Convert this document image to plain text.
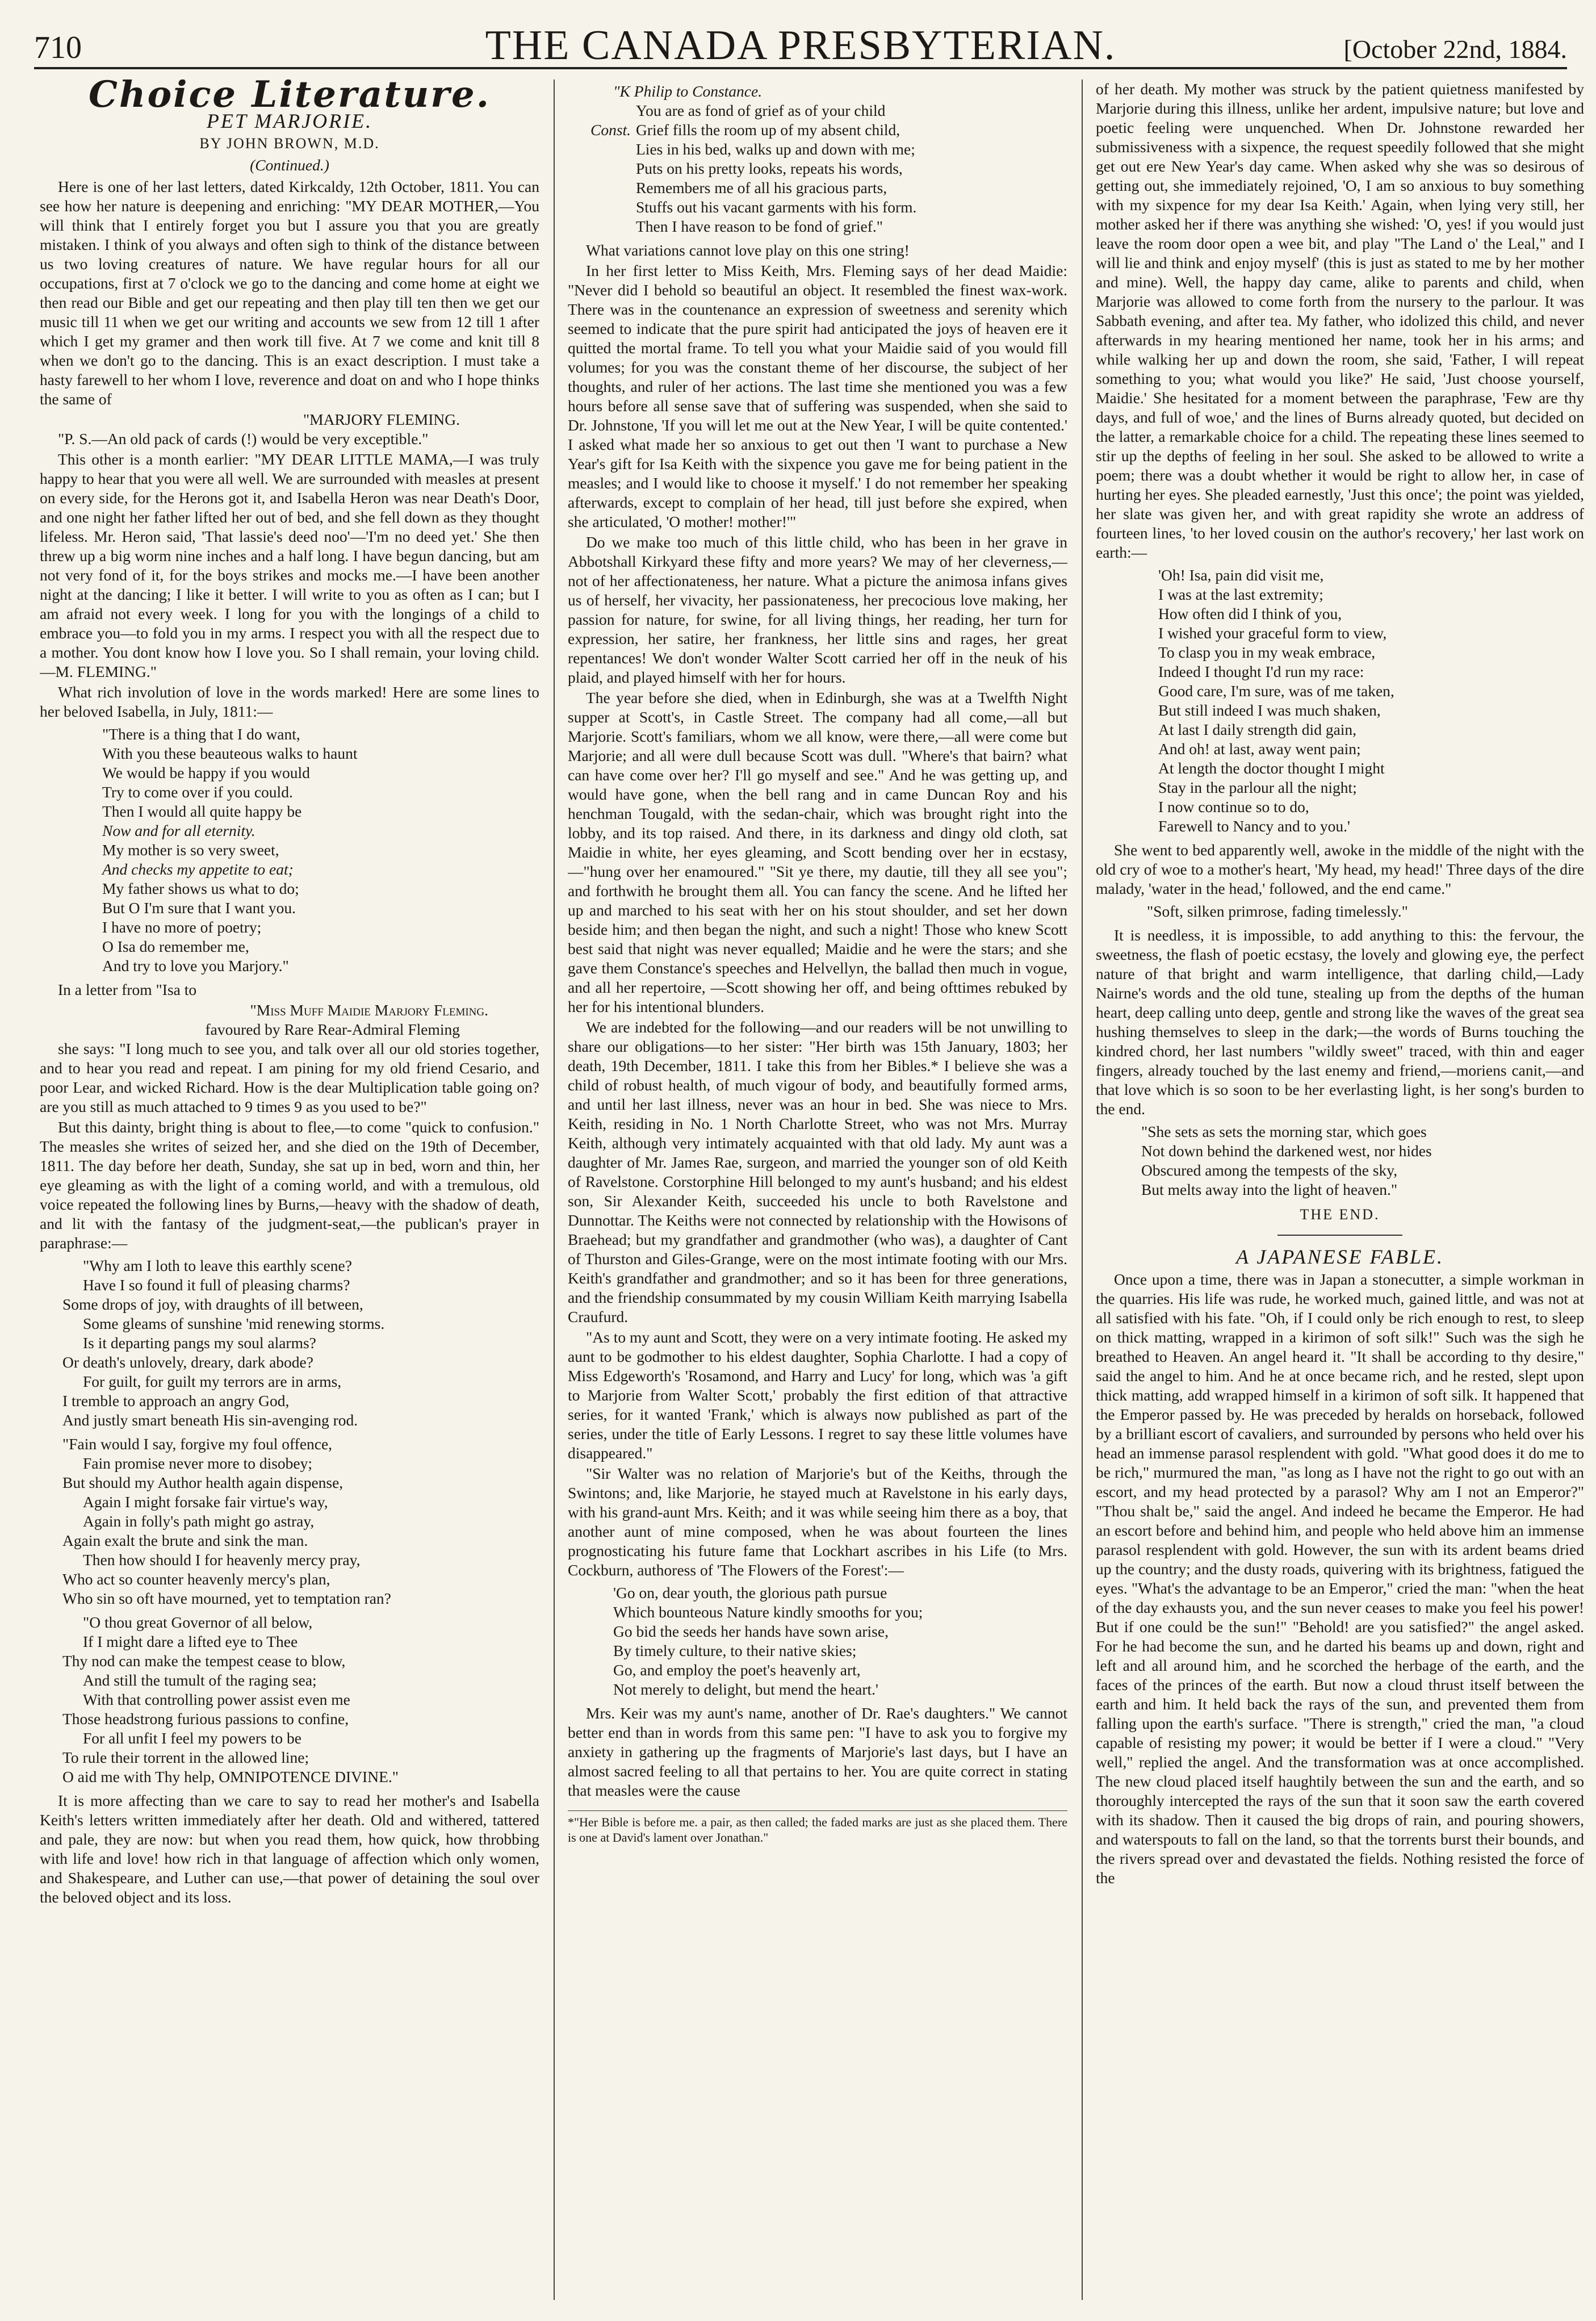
710	THE CANADA PRESBYTERIAN.	[October 22nd, 1884.
Choice Literature.
PET MARJORIE.
BY JOHN BROWN, M.D.
(Continued.)

Here is one of her last letters, dated Kirkcaldy, 12th October, 1811. You can see how her nature is deepening and enriching: "MY DEAR MOTHER,—You will think that I entirely forget you but I assure you that you are greatly mistaken. I think of you always and often sigh to think of the distance between us two loving creatures of nature. We have regular hours for all our occupations, first at 7 o'clock we go to the dancing and come home at eight we then read our Bible and get our repeating and then play till ten then we get our music till 11 when we get our writing and accounts we sew from 12 till 1 after which I get my gramer and then work till five. At 7 we come and knit till 8 when we don't go to the dancing. This is an exact description. I must take a hasty farewell to her whom I love, reverence and doat on and who I hope thinks the same of

"MARJORY FLEMING.

"P. S.—An old pack of cards (!) would be very exceptible."

This other is a month earlier: "MY DEAR LITTLE MAMA,—I was truly happy to hear that you were all well. We are surrounded with measles at present on every side, for the Herons got it, and Isabella Heron was near Death's Door, and one night her father lifted her out of bed, and she fell down as they thought lifeless. Mr. Heron said, 'That lassie's deed noo'—'I'm no deed yet.' She then threw up a big worm nine inches and a half long. I have begun dancing, but am not very fond of it, for the boys strikes and mocks me.—I have been another night at the dancing; I like it better. I will write to you as often as I can; but I am afraid not every week. I long for you with the longings of a child to embrace you—to fold you in my arms. I respect you with all the respect due to a mother. You dont know how I love you. So I shall remain, your loving child. —M. FLEMING."

What rich involution of love in the words marked! Here are some lines to her beloved Isabella, in July, 1811:—

"There is a thing that I do want,
With you these beauteous walks to haunt
We would be happy if you would
Try to come over if you could.
Then I would all quite happy be
Now and for all eternity.
My mother is so very sweet,
And checks my appetite to eat;
My father shows us what to do;
But O I'm sure that I want you.
I have no more of poetry;
O Isa do remember me,
And try to love you Marjory."

In a letter from "Isa to

"Miss Muff Maidie Marjory Fleming.
favoured by Rare Rear-Admiral Fleming

she says: "I long much to see you, and talk over all our old stories together, and to hear you read and repeat. I am pining for my old friend Cesario, and poor Lear, and wicked Richard. How is the dear Multiplication table going on? are you still as much attached to 9 times 9 as you used to be?"

But this dainty, bright thing is about to flee,—to come "quick to confusion." The measles she writes of seized her, and she died on the 19th of December, 1811. The day before her death, Sunday, she sat up in bed, worn and thin, her eye gleaming as with the light of a coming world, and with a tremulous, old voice repeated the following lines by Burns,—heavy with the shadow of death, and lit with the fantasy of the judgment-seat,—the publican's prayer in paraphrase:—

"Why am I loth to leave this earthly scene?
Have I so found it full of pleasing charms?
Some drops of joy, with draughts of ill between,
Some gleams of sunshine 'mid renewing storms.
Is it departing pangs my soul alarms?
Or death's unlovely, dreary, dark abode?
For guilt, for guilt my terrors are in arms,
I tremble to approach an angry God,
And justly smart beneath His sin-avenging rod.
"Fain would I say, forgive my foul offence,
Fain promise never more to disobey;
But should my Author health again dispense,
Again I might forsake fair virtue's way,
Again in folly's path might go astray,
Again exalt the brute and sink the man.
Then how should I for heavenly mercy pray,
Who act so counter heavenly mercy's plan,
Who sin so oft have mourned, yet to temptation ran?
"O thou great Governor of all below,
If I might dare a lifted eye to Thee
Thy nod can make the tempest cease to blow,
And still the tumult of the raging sea;
With that controlling power assist even me
Those headstrong furious passions to confine,
For all unfit I feel my powers to be
To rule their torrent in the allowed line;
O aid me with Thy help, OMNIPOTENCE DIVINE."

It is more affecting than we care to say to read her mother's and Isabella Keith's letters written immediately after her death. Old and withered, tattered and pale, they are now: but when you read them, how quick, how throbbing with life and love! how rich in that language of affection which only women, and Shakespeare, and Luther can use,—that power of detaining the soul over the beloved object and its loss.

"K Philip to Constance.
You are as fond of grief as of your child
Const. Grief fills the room up of my absent child,
Lies in his bed, walks up and down with me;
Puts on his pretty looks, repeats his words,
Remembers me of all his gracious parts,
Stuffs out his vacant garments with his form.
Then I have reason to be fond of grief."

What variations cannot love play on this one string!

In her first letter to Miss Keith, Mrs. Fleming says of her dead Maidie: "Never did I behold so beautiful an object. It resembled the finest wax-work. There was in the countenance an expression of sweetness and serenity which seemed to indicate that the pure spirit had anticipated the joys of heaven ere it quitted the mortal frame. To tell you what your Maidie said of you would fill volumes; for you was the constant theme of her discourse, the subject of her thoughts, and ruler of her actions. The last time she mentioned you was a few hours before all sense save that of suffering was suspended, when she said to Dr. Johnstone, 'If you will let me out at the New Year, I will be quite contented.' I asked what made her so anxious to get out then 'I want to purchase a New Year's gift for Isa Keith with the sixpence you gave me for being patient in the measles; and I would like to choose it myself.' I do not remember her speaking afterwards, except to complain of her head, till just before she expired, when she articulated, 'O mother! mother!'"

Do we make too much of this little child, who has been in her grave in Abbotshall Kirkyard these fifty and more years? We may of her cleverness,—not of her affectionateness, her nature. What a picture the animosa infans gives us of herself, her vivacity, her passionateness, her precocious love making, her passion for nature, for swine, for all living things, her reading, her turn for expression, her satire, her frankness, her little sins and rages, her great repentances! We don't wonder Walter Scott carried her off in the neuk of his plaid, and played himself with her for hours.

The year before she died, when in Edinburgh, she was at a Twelfth Night supper at Scott's, in Castle Street. The company had all come,—all but Marjorie. Scott's familiars, whom we all know, were there,—all were come but Marjorie; and all were dull because Scott was dull. "Where's that bairn? what can have come over her? I'll go myself and see." And he was getting up, and would have gone, when the bell rang and in came Duncan Roy and his henchman Tougald, with the sedan-chair, which was brought right into the lobby, and its top raised. And there, in its darkness and dingy old cloth, sat Maidie in white, her eyes gleaming, and Scott bending over her in ecstasy,—"hung over her enamoured." "Sit ye there, my dautie, till they all see you"; and forthwith he brought them all. You can fancy the scene. And he lifted her up and marched to his seat with her on his stout shoulder, and set her down beside him; and then began the night, and such a night! Those who knew Scott best said that night was never equalled; Maidie and he were the stars; and she gave them Constance's speeches and Helvellyn, the ballad then much in vogue, and all her repertoire, —Scott showing her off, and being ofttimes rebuked by her for his intentional blunders.

We are indebted for the following—and our readers will be not unwilling to share our obligations—to her sister: "Her birth was 15th January, 1803; her death, 19th December, 1811. I take this from her Bibles.* I believe she was a child of robust health, of much vigour of body, and beautifully formed arms, and until her last illness, never was an hour in bed. She was niece to Mrs. Keith, residing in No. 1 North Charlotte Street, who was not Mrs. Murray Keith, although very intimately acquainted with that old lady. My aunt was a daughter of Mr. James Rae, surgeon, and married the younger son of old Keith of Ravelstone. Corstorphine Hill belonged to my aunt's husband; and his eldest son, Sir Alexander Keith, succeeded his uncle to both Ravelstone and Dunnottar. The Keiths were not connected by relationship with the Howisons of Braehead; but my grandfather and grandmother (who was), a daughter of Cant of Thurston and Giles-Grange, were on the most intimate footing with our Mrs. Keith's grandfather and grandmother; and so it has been for three generations, and the friendship consummated by my cousin William Keith marrying Isabella Craufurd.

"As to my aunt and Scott, they were on a very intimate footing. He asked my aunt to be godmother to his eldest daughter, Sophia Charlotte. I had a copy of Miss Edgeworth's 'Rosamond, and Harry and Lucy' for long, which was 'a gift to Marjorie from Walter Scott,' probably the first edition of that attractive series, for it wanted 'Frank,' which is always now published as part of the series, under the title of Early Lessons. I regret to say these little volumes have disappeared."

"Sir Walter was no relation of Marjorie's but of the Keiths, through the Swintons; and, like Marjorie, he stayed much at Ravelstone in his early days, with his grand-aunt Mrs. Keith; and it was while seeing him there as a boy, that another aunt of mine composed, when he was about fourteen the lines prognosticating his future fame that Lockhart ascribes in his Life (to Mrs. Cockburn, authoress of 'The Flowers of the Forest':—

'Go on, dear youth, the glorious path pursue
Which bounteous Nature kindly smooths for you;
Go bid the seeds her hands have sown arise,
By timely culture, to their native skies;
Go, and employ the poet's heavenly art,
Not merely to delight, but mend the heart.'

Mrs. Keir was my aunt's name, another of Dr. Rae's daughters." We cannot better end than in words from this same pen: "I have to ask you to forgive my anxiety in gathering up the fragments of Marjorie's last days, but I have an almost sacred feeling to all that pertains to her. You are quite correct in stating that measles were the cause

*"Her Bible is before me. a pair, as then called; the faded marks are just as she placed them. There is one at David's lament over Jonathan."

of her death. My mother was struck by the patient quietness manifested by Marjorie during this illness, unlike her ardent, impulsive nature; but love and poetic feeling were unquenched. When Dr. Johnstone rewarded her submissiveness with a sixpence, the request speedily followed that she might get out ere New Year's day came. When asked why she was so desirous of getting out, she immediately rejoined, 'O, I am so anxious to buy something with my sixpence for my dear Isa Keith.' Again, when lying very still, her mother asked her if there was anything she wished: 'O, yes! if you would just leave the room door open a wee bit, and play "The Land o' the Leal," and I will lie and think and enjoy myself' (this is just as stated to me by her mother and mine). Well, the happy day came, alike to parents and child, when Marjorie was allowed to come forth from the nursery to the parlour. It was Sabbath evening, and after tea. My father, who idolized this child, and never afterwards in my hearing mentioned her name, took her in his arms; and while walking her up and down the room, she said, 'Father, I will repeat something to you; what would you like?' He said, 'Just choose yourself, Maidie.' She hesitated for a moment between the paraphrase, 'Few are thy days, and full of woe,' and the lines of Burns already quoted, but decided on the latter, a remarkable choice for a child. The repeating these lines seemed to stir up the depths of feeling in her soul. She asked to be allowed to write a poem; there was a doubt whether it would be right to allow her, in case of hurting her eyes. She pleaded earnestly, 'Just this once'; the point was yielded, her slate was given her, and with great rapidity she wrote an address of fourteen lines, 'to her loved cousin on the author's recovery,' her last work on earth:—

'Oh! Isa, pain did visit me,
I was at the last extremity;
How often did I think of you,
I wished your graceful form to view,
To clasp you in my weak embrace,
Indeed I thought I'd run my race:
Good care, I'm sure, was of me taken,
But still indeed I was much shaken,
At last I daily strength did gain,
And oh! at last, away went pain;
At length the doctor thought I might
Stay in the parlour all the night;
I now continue so to do,
Farewell to Nancy and to you.'

She went to bed apparently well, awoke in the middle of the night with the old cry of woe to a mother's heart, 'My head, my head!' Three days of the dire malady, 'water in the head,' followed, and the end came."

"Soft, silken primrose, fading timelessly."

It is needless, it is impossible, to add anything to this: the fervour, the sweetness, the flash of poetic ecstasy, the lovely and glowing eye, the perfect nature of that bright and warm intelligence, that darling child,—Lady Nairne's words and the old tune, stealing up from the depths of the human heart, deep calling unto deep, gentle and strong like the waves of the great sea hushing themselves to sleep in the dark;—the words of Burns touching the kindred chord, her last numbers "wildly sweet" traced, with thin and eager fingers, already touched by the last enemy and friend,—moriens canit,—and that love which is so soon to be her everlasting light, is her song's burden to the end.

"She sets as sets the morning star, which goes
Not down behind the darkened west, nor hides
Obscured among the tempests of the sky,
But melts away into the light of heaven."
THE END.
A JAPANESE FABLE.

Once upon a time, there was in Japan a stonecutter, a simple workman in the quarries. His life was rude, he worked much, gained little, and was not at all satisfied with his fate. "Oh, if I could only be rich enough to rest, to sleep on thick matting, wrapped in a kirimon of soft silk!" Such was the sigh he breathed to Heaven. An angel heard it. "It shall be according to thy desire," said the angel to him. And he at once became rich, and he rested, slept upon thick matting, add wrapped himself in a kirimon of soft silk. It happened that the Emperor passed by. He was preceded by heralds on horseback, followed by a brilliant escort of cavaliers, and surrounded by persons who held over his head an immense parasol resplendent with gold. "What good does it do me to be rich," murmured the man, "as long as I have not the right to go out with an escort, and my head protected by a parasol? Why am I not an Emperor?" "Thou shalt be," said the angel. And indeed he became the Emperor. He had an escort before and behind him, and people who held above him an immense parasol resplendent with gold. However, the sun with its ardent beams dried up the country; and the dusty roads, quivering with its brightness, fatigued the eyes. "What's the advantage to be an Emperor," cried the man: "when the heat of the day exhausts you, and the sun never ceases to make you feel his power! But if one could be the sun!" "Behold! are you satisfied?" the angel asked. For he had become the sun, and he darted his beams up and down, right and left and all around him, and he scorched the herbage of the earth, and the faces of the princes of the earth. But now a cloud thrust itself between the earth and him. It held back the rays of the sun, and prevented them from falling upon the earth's surface. "There is strength," cried the man, "a cloud capable of resisting my power; it would be better if I were a cloud." "Very well," replied the angel. And the transformation was at once accomplished. The new cloud placed itself haughtily between the sun and the earth, and so thoroughly intercepted the rays of the sun that it soon saw the earth covered with its shadow. Then it caused the big drops of rain, and pouring showers, and waterspouts to fall on the land, so that the torrents burst their bounds, and the rivers spread over and devastated the fields. Nothing resisted the force of the
